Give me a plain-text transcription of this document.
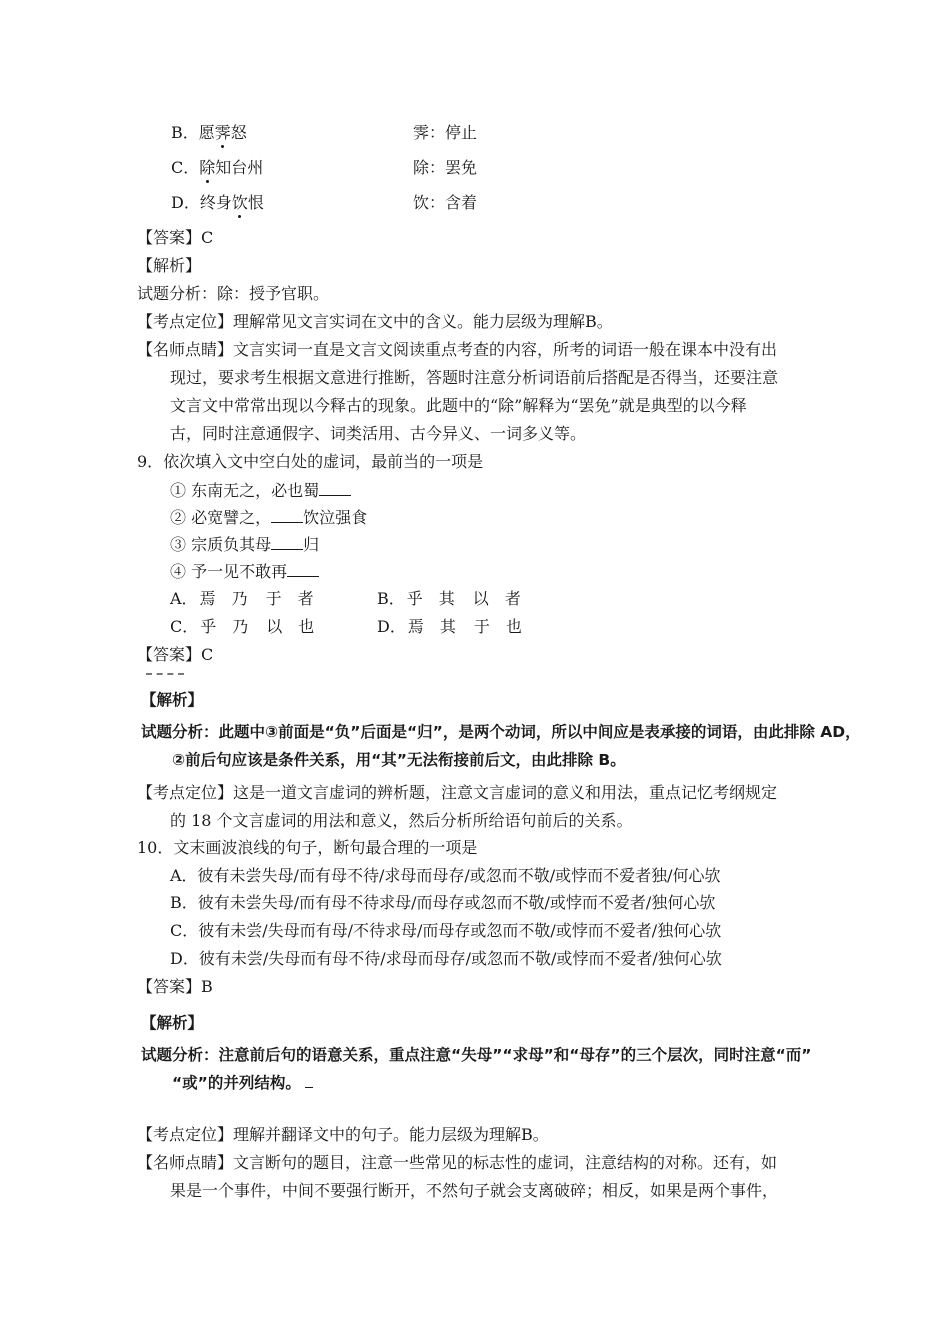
B．愿霁怒	霁：停止
C．除知台州	除：罢免
D．终身饮恨	饮：含着
【答案】C
【解析】
试题分析：除：授予官职。
【考点定位】理解常见文言实词在文中的含义。能力层级为理解B。
【名师点睛】文言实词一直是文言文阅读重点考查的内容，所考的词语一般在课本中没有出
现过，要求考生根据文意进行推断，答题时注意分析词语前后搭配是否得当，还要注意
文言文中常常出现以今释古的现象。此题中的“除”解释为“罢免”就是典型的以今释
古，同时注意通假字、词类活用、古今异义、一词多义等。
9．依次填入文中空白处的虚词，最前当的一项是
① 东南无之，必也蜀
② 必宽譬之， 饮泣强食
③ 宗质负其母 归
④ 予一见不敢再
A． 焉 乃 于 者	B． 乎 其 以 者
C． 乎 乃 以 也	D． 焉 其 于 也
【答案】C
【解析】
试题分析：此题中③前面是“负”后面是“归”，是两个动词，所以中间应是表承接的词语，由此排除 AD，
②前后句应该是条件关系，用“其”无法衔接前后文，由此排除 B。
【考点定位】这是一道文言虚词的辨析题，注意文言虚词的意义和用法，重点记忆考纲规定
的 18 个文言虚词的用法和意义，然后分析所给语句前后的关系。
10．文末画波浪线的句子，断句最合理的一项是
A．彼有未尝失母/而有母不待/求母而母存/或忽而不敬/或悖而不爱者独/何心欤
B．彼有未尝失母/而有母不待求母/而母存或忽而不敬/或悖而不爱者/独何心欤
C．彼有未尝/失母而有母/不待求母/而母存或忽而不敬/或悖而不爱者/独何心欤
D．彼有未尝/失母而有母不待/求母而母存/或忽而不敬/或悖而不爱者/独何心欤
【答案】B
【解析】
试题分析：注意前后句的语意关系，重点注意“失母”“求母”和“母存”的三个层次，同时注意“而”
“或”的并列结构。
【考点定位】理解并翻译文中的句子。能力层级为理解B。
【名师点睛】文言断句的题目，注意一些常见的标志性的虚词，注意结构的对称。还有，如
果是一个事件，中间不要强行断开，不然句子就会支离破碎；相反，如果是两个事件，
